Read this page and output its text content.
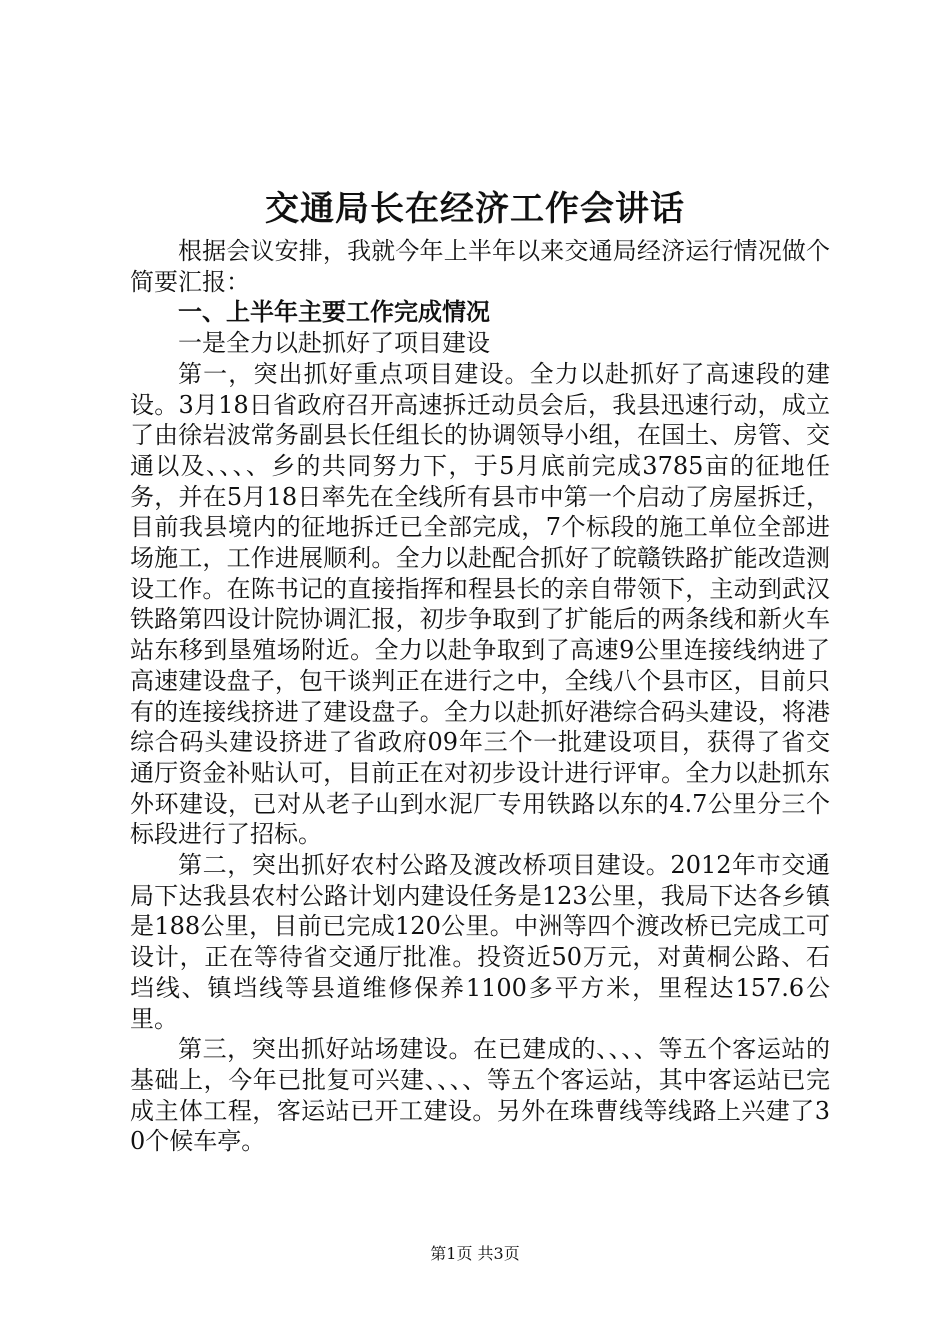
交通局长在经济工作会讲话

根据会议安排，我就今年上半年以来交通局经济运行情况做个简要汇报：

一、上半年主要工作完成情况

一是全力以赴抓好了项目建设

第一，突出抓好重点项目建设。全力以赴抓好了高速段的建设。3月18日省政府召开高速拆迁动员会后，我县迅速行动，成立了由徐岩波常务副县长任组长的协调领导小组，在国土、房管、交通以及、、、、乡的共同努力下，于5月底前完成3785亩的征地任务，并在5月18日率先在全线所有县市中第一个启动了房屋拆迁，目前我县境内的征地拆迁已全部完成，7个标段的施工单位全部进场施工，工作进展顺利。全力以赴配合抓好了皖赣铁路扩能改造测设工作。在陈书记的直接指挥和程县长的亲自带领下，主动到武汉铁路第四设计院协调汇报，初步争取到了扩能后的两条线和新火车站东移到垦殖场附近。全力以赴争取到了高速9公里连接线纳进了高速建设盘子，包干谈判正在进行之中，全线八个县市区，目前只有的连接线挤进了建设盘子。全力以赴抓好港综合码头建设，将港综合码头建设挤进了省政府09年三个一批建设项目，获得了省交通厅资金补贴认可，目前正在对初步设计进行评审。全力以赴抓东外环建设，已对从老子山到水泥厂专用铁路以东的4.7公里分三个标段进行了招标。

第二，突出抓好农村公路及渡改桥项目建设。2012年市交通局下达我县农村公路计划内建设任务是123公里，我局下达各乡镇是188公里，目前已完成120公里。中洲等四个渡改桥已完成工可设计，正在等待省交通厅批准。投资近50万元，对黄桐公路、石垱线、镇垱线等县道维修保养1100多平方米，里程达157.6公里。

第三，突出抓好站场建设。在已建成的、、、、等五个客运站的基础上，今年已批复可兴建、、、、等五个客运站，其中客运站已完成主体工程，客运站已开工建设。另外在珠曹线等线路上兴建了30个候车亭。

第1页 共3页
